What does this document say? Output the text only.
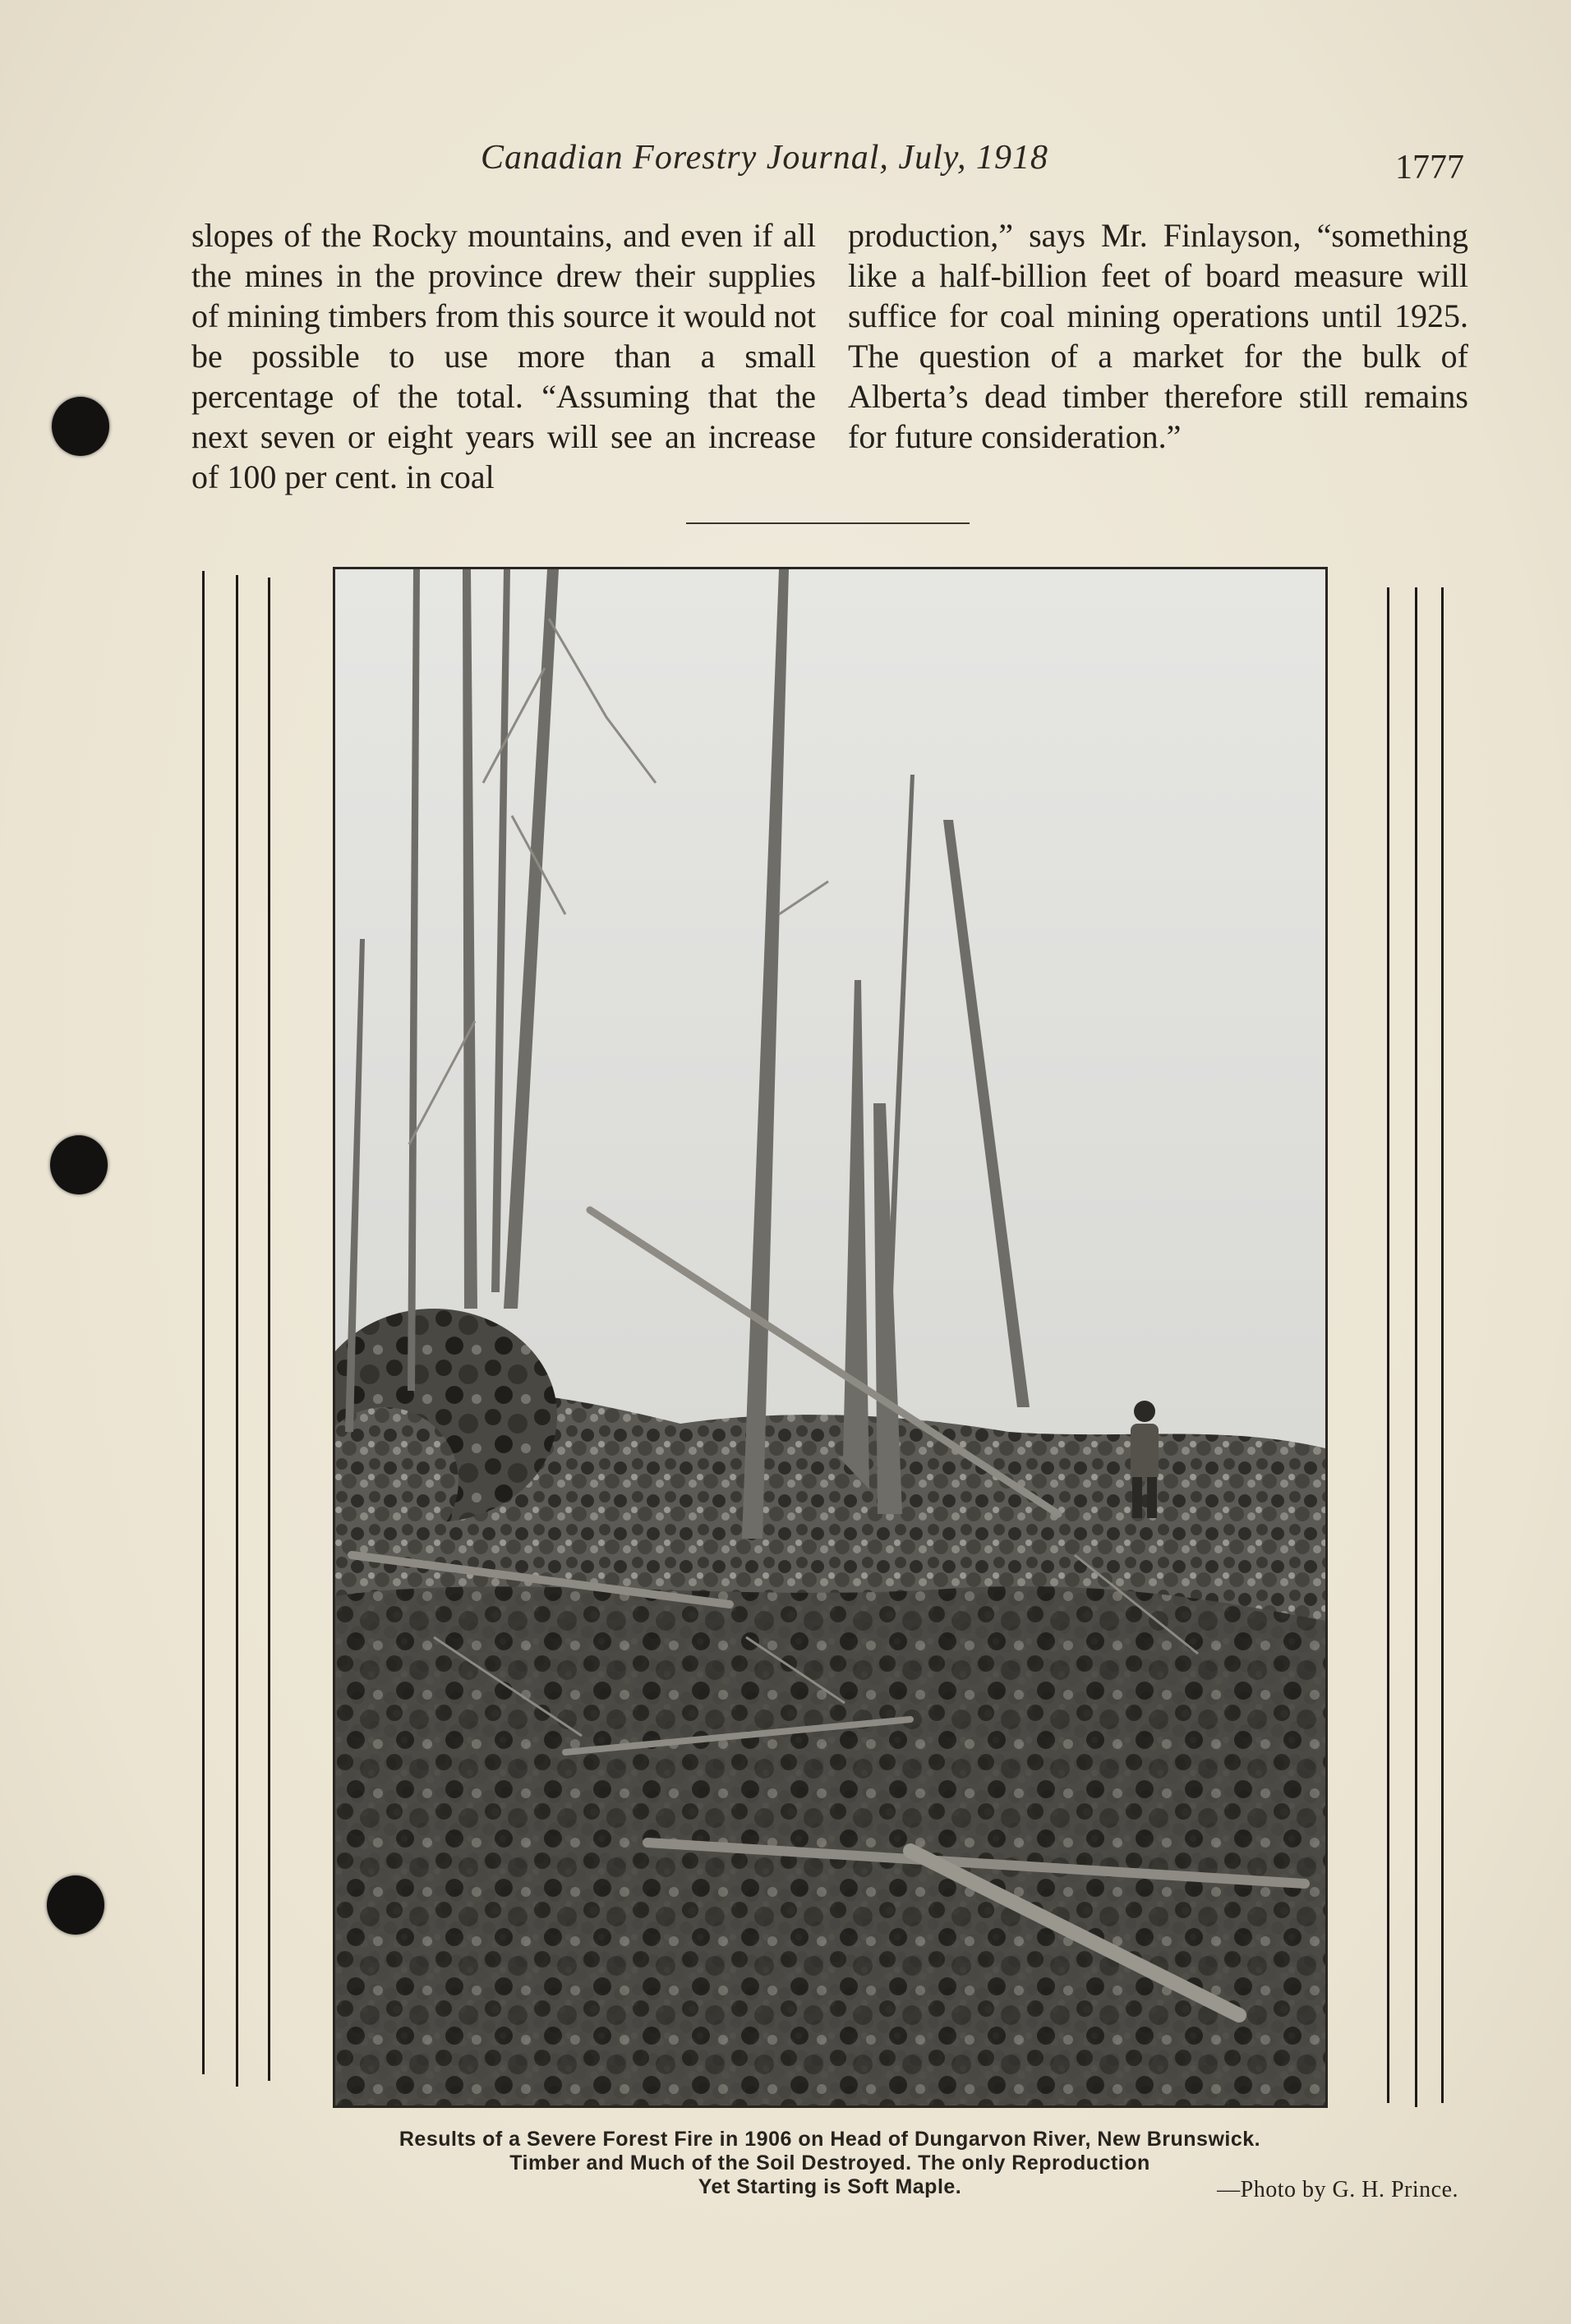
Canadian Forestry Journal, July, 1918	1777

slopes of the Rocky mountains, and even if all the mines in the province drew their supplies of mining timbers from this source it would not be possible to use more than a small percentage of the total. “Assuming that the next seven or eight years will see an increase of 100 per cent. in coal

production,” says Mr. Finlayson, “something like a half-billion feet of board measure will suffice for coal mining operations until 1925. The question of a market for the bulk of Alberta’s dead timber therefore still remains for future consideration.”

Results of a Severe Forest Fire in 1906 on Head of Dungarvon River, New Brunswick.
Timber and Much of the Soil Destroyed. The only Reproduction
Yet Starting is Soft Maple.	—Photo by G. H. Prince.
